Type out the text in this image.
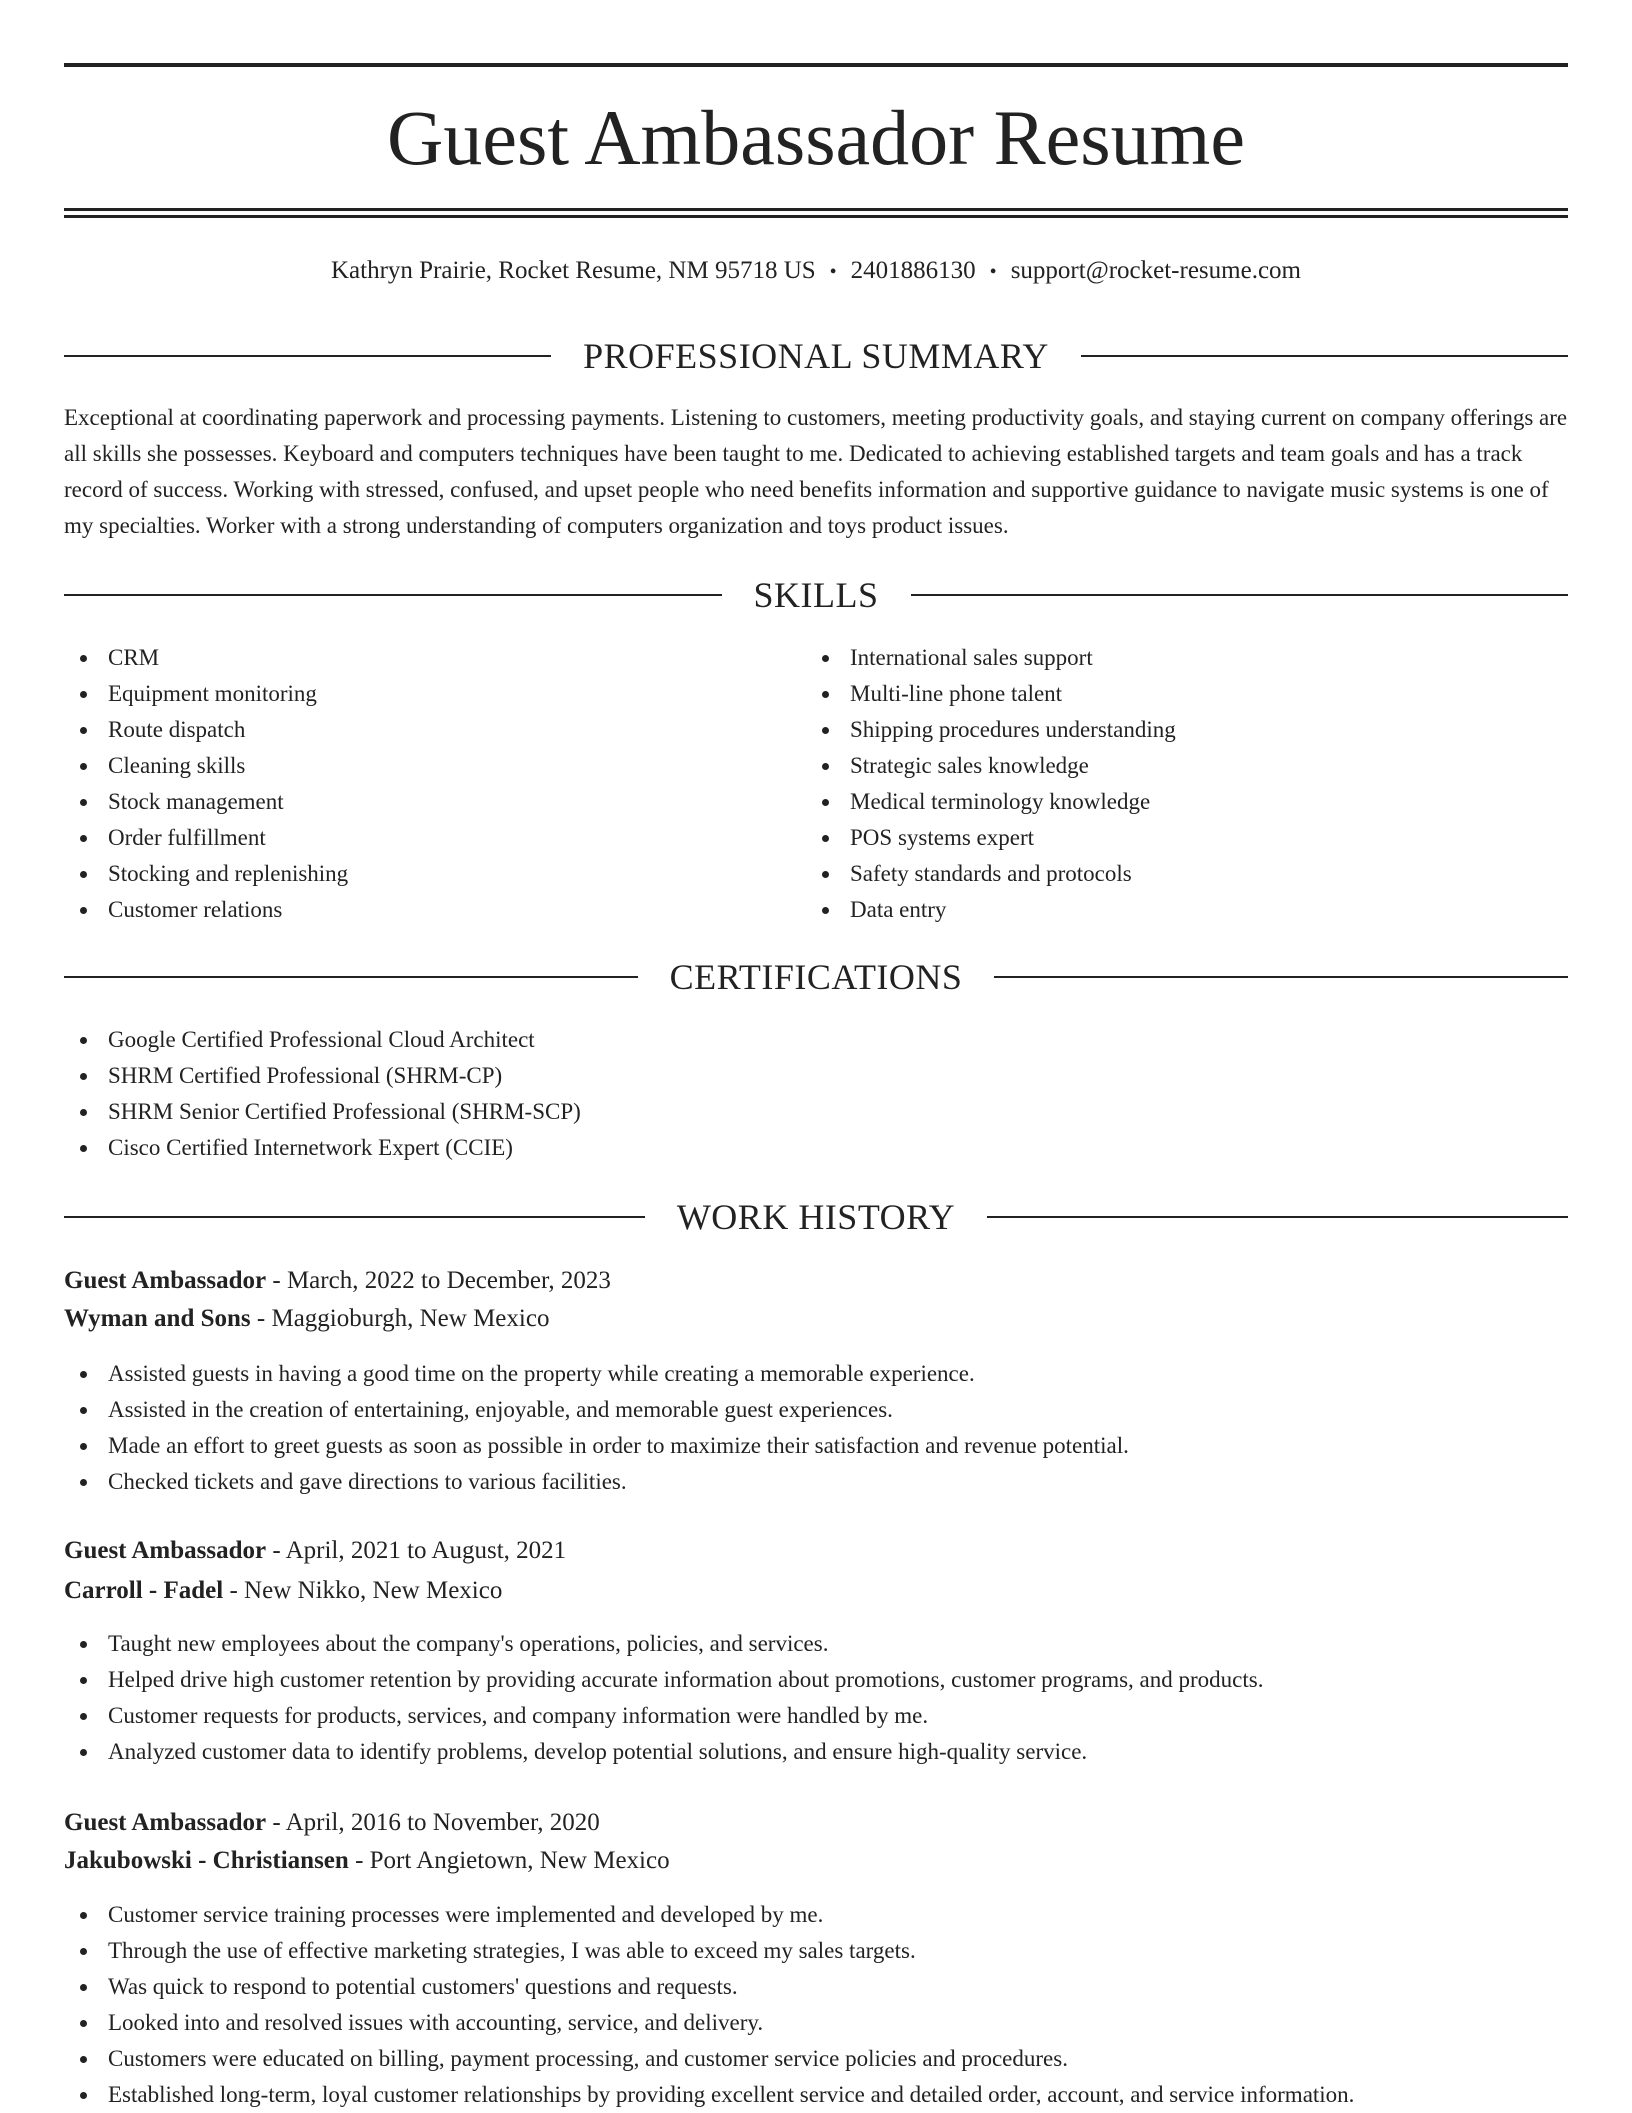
Guest Ambassador Resume
Kathryn Prairie, Rocket Resume, NM 95718 US • 2401886130 • support@rocket-resume.com
PROFESSIONAL SUMMARY

Exceptional at coordinating paperwork and processing payments. Listening to customers, meeting productivity goals, and staying current on company offerings are all skills she possesses. Keyboard and computers techniques have been taught to me. Dedicated to achieving established targets and team goals and has a track record of success. Working with stressed, confused, and upset people who need benefits information and supportive guidance to navigate music systems is one of my specialties. Worker with a strong understanding of computers organization and toys product issues.

SKILLS
CRM
Equipment monitoring
Route dispatch
Cleaning skills
Stock management
Order fulfillment
Stocking and replenishing
Customer relations
International sales support
Multi-line phone talent
Shipping procedures understanding
Strategic sales knowledge
Medical terminology knowledge
POS systems expert
Safety standards and protocols
Data entry
CERTIFICATIONS
Google Certified Professional Cloud Architect
SHRM Certified Professional (SHRM-CP)
SHRM Senior Certified Professional (SHRM-SCP)
Cisco Certified Internetwork Expert (CCIE)
WORK HISTORY
Guest Ambassador - March, 2022 to December, 2023
Wyman and Sons - Maggioburgh, New Mexico
Assisted guests in having a good time on the property while creating a memorable experience.
Assisted in the creation of entertaining, enjoyable, and memorable guest experiences.
Made an effort to greet guests as soon as possible in order to maximize their satisfaction and revenue potential.
Checked tickets and gave directions to various facilities.
Guest Ambassador - April, 2021 to August, 2021
Carroll - Fadel - New Nikko, New Mexico
Taught new employees about the company's operations, policies, and services.
Helped drive high customer retention by providing accurate information about promotions, customer programs, and products.
Customer requests for products, services, and company information were handled by me.
Analyzed customer data to identify problems, develop potential solutions, and ensure high-quality service.
Guest Ambassador - April, 2016 to November, 2020
Jakubowski - Christiansen - Port Angietown, New Mexico
Customer service training processes were implemented and developed by me.
Through the use of effective marketing strategies, I was able to exceed my sales targets.
Was quick to respond to potential customers' questions and requests.
Looked into and resolved issues with accounting, service, and delivery.
Customers were educated on billing, payment processing, and customer service policies and procedures.
Established long-term, loyal customer relationships by providing excellent service and detailed order, account, and service information.
